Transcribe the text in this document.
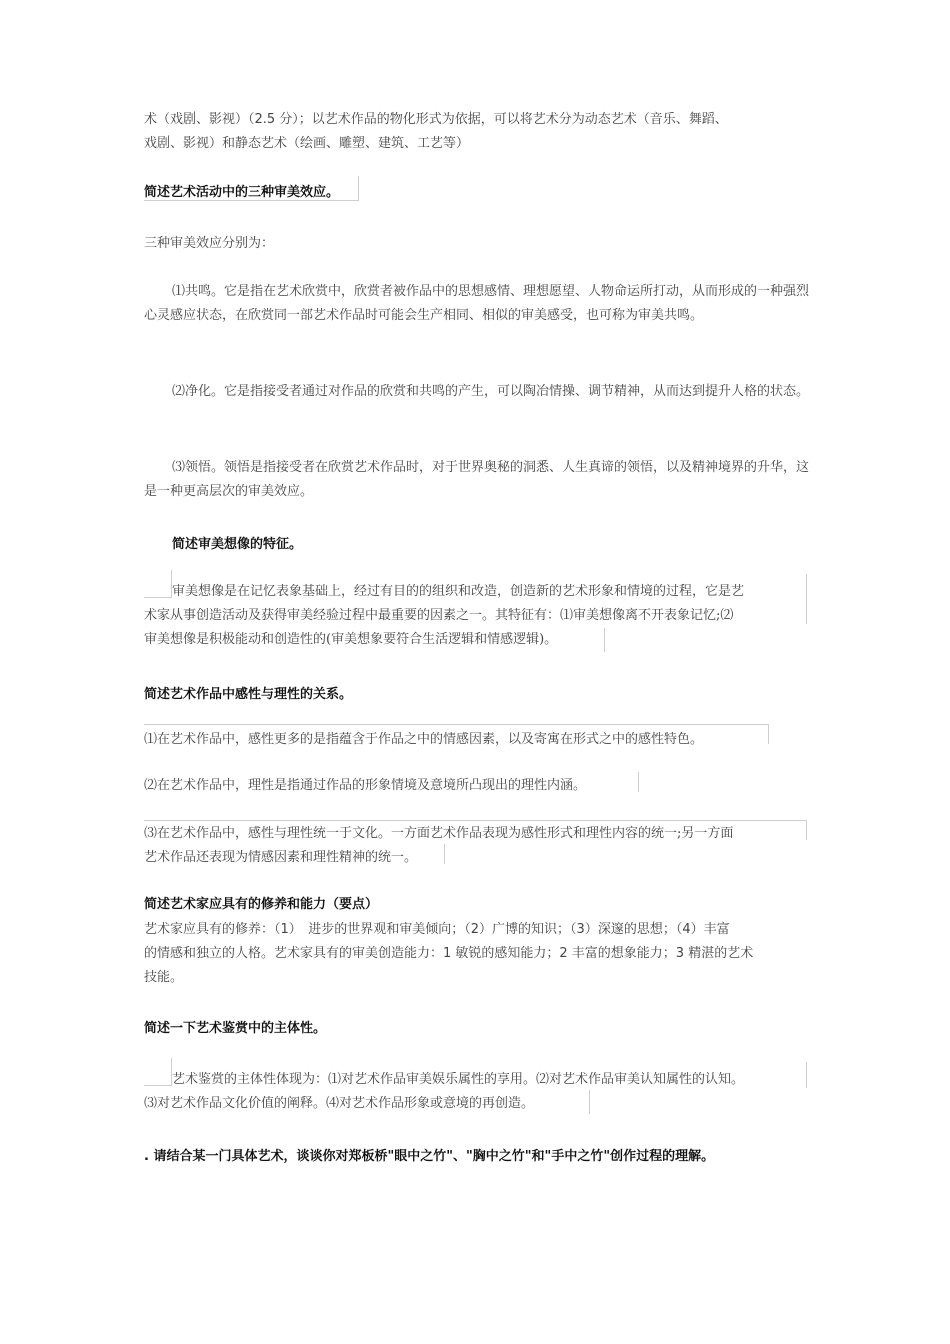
术（戏剧、影视）（2.5 分）；以艺术作品的物化形式为依据，可以将艺术分为动态艺术（音乐、舞蹈、

戏剧、影视）和静态艺术（绘画、雕塑、建筑、工艺等）

简述艺术活动中的三种审美效应。

三种审美效应分别为：

⑴共鸣。它是指在艺术欣赏中，欣赏者被作品中的思想感情、理想愿望、人物命运所打动，从而形成的一种强烈心灵感应状态，在欣赏同一部艺术作品时可能会生产相同、相似的审美感受，也可称为审美共鸣。

⑵净化。它是指接受者通过对作品的欣赏和共鸣的产生，可以陶冶情操、调节精神，从而达到提升人格的状态。

⑶领悟。领悟是指接受者在欣赏艺术作品时，对于世界奥秘的洞悉、人生真谛的领悟，以及精神境界的升华，这是一种更高层次的审美效应。

简述审美想像的特征。

审美想像是在记忆表象基础上，经过有目的的组织和改造，创造新的艺术形象和情境的过程，它是艺

术家从事创造活动及获得审美经验过程中最重要的因素之一。其特征有：⑴审美想像离不开表象记忆;⑵

审美想像是积极能动和创造性的(审美想象要符合生活逻辑和情感逻辑)。

简述艺术作品中感性与理性的关系。

⑴在艺术作品中，感性更多的是指蕴含于作品之中的情感因素，以及寄寓在形式之中的感性特色。

⑵在艺术作品中，理性是指通过作品的形象情境及意境所凸现出的理性内涵。

⑶在艺术作品中，感性与理性统一于文化。一方面艺术作品表现为感性形式和理性内容的统一;另一方面

艺术作品还表现为情感因素和理性精神的统一。

简述艺术家应具有的修养和能力（要点）

艺术家应具有的修养：（1）　进步的世界观和审美倾向；（2）广博的知识；（3）深邃的思想；（4）丰富

的情感和独立的人格。艺术家具有的审美创造能力：1 敏锐的感知能力；2 丰富的想象能力；3 精湛的艺术

技能。

简述一下艺术鉴赏中的主体性。

艺术鉴赏的主体性体现为：⑴对艺术作品审美娱乐属性的享用。⑵对艺术作品审美认知属性的认知。

⑶对艺术作品文化价值的阐释。⑷对艺术作品形象或意境的再创造。

. 请结合某一门具体艺术，谈谈你对郑板桥"眼中之竹"、"胸中之竹"和"手中之竹"创作过程的理解。
